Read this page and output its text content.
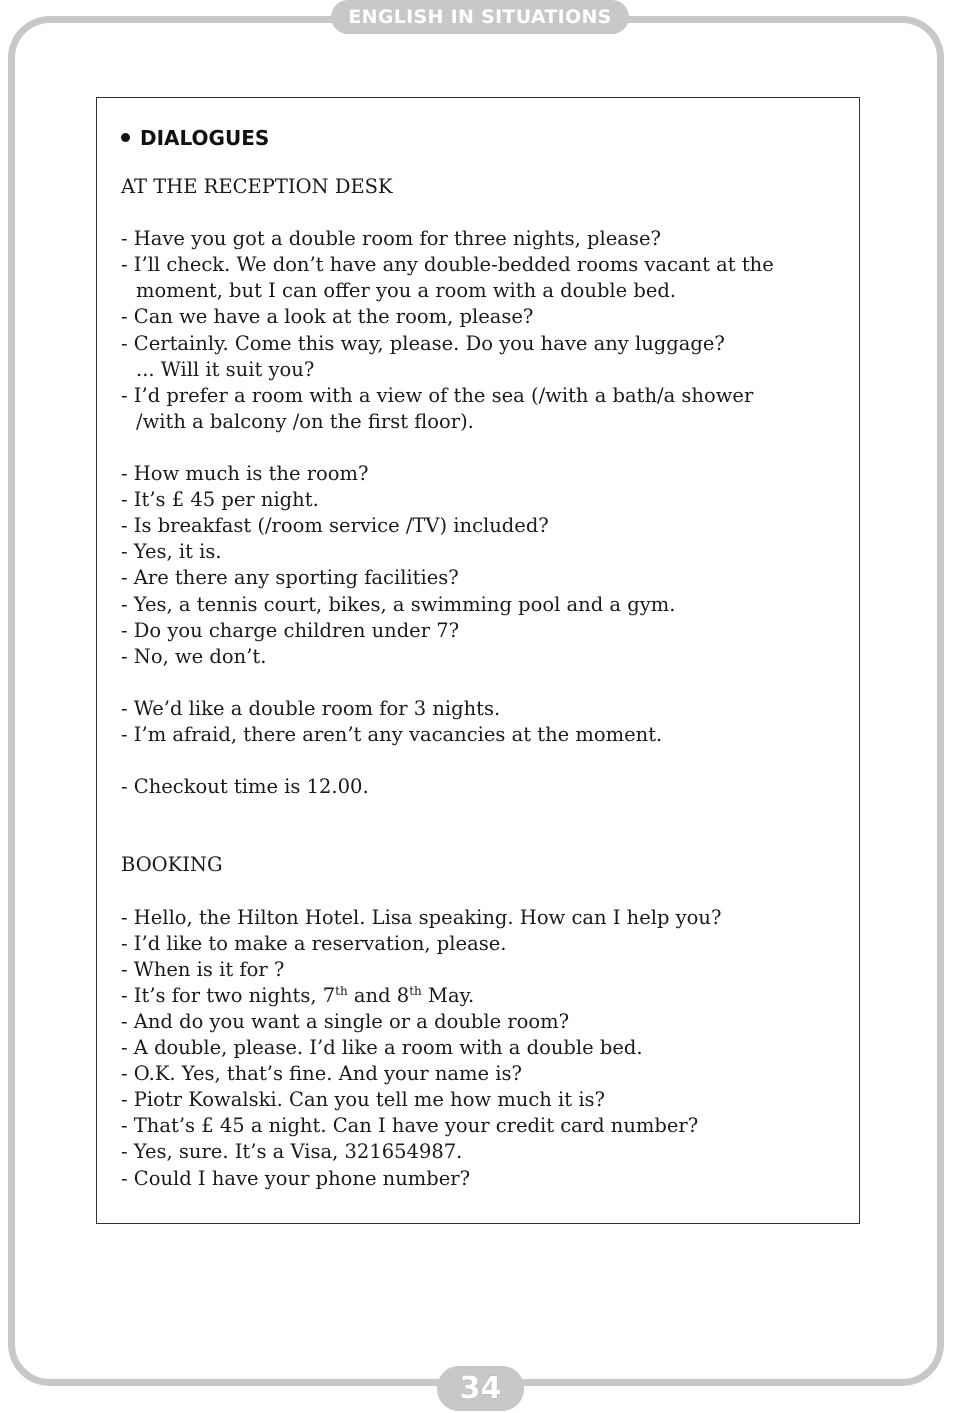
ENGLISH IN SITUATIONS
DIALOGUES
AT THE RECEPTION DESK
- Have you got a double room for three nights, please?
- I’ll check. We don’t have any double-bedded rooms vacant at the
moment, but I can offer you a room with a double bed.
- Can we have a look at the room, please?
- Certainly. Come this way, please. Do you have any luggage?
... Will it suit you?
- I’d prefer a room with a view of the sea (/with a bath/a shower
/with a balcony /on the first floor).
- How much is the room?
- It’s £ 45 per night.
- Is breakfast (/room service /TV) included?
- Yes, it is.
- Are there any sporting facilities?
- Yes, a tennis court, bikes, a swimming pool and a gym.
- Do you charge children under 7?
- No, we don’t.
- We’d like a double room for 3 nights.
- I’m afraid, there aren’t any vacancies at the moment.
- Checkout time is 12.00.
BOOKING
- Hello, the Hilton Hotel. Lisa speaking. How can I help you?
- I’d like to make a reservation, please.
- When is it for ?
- It’s for two nights, 7th and 8th May.
- And do you want a single or a double room?
- A double, please. I’d like a room with a double bed.
- O.K. Yes, that’s fine. And your name is?
- Piotr Kowalski. Can you tell me how much it is?
- That’s £ 45 a night. Can I have your credit card number?
- Yes, sure. It’s a Visa, 321654987.
- Could I have your phone number?
34
